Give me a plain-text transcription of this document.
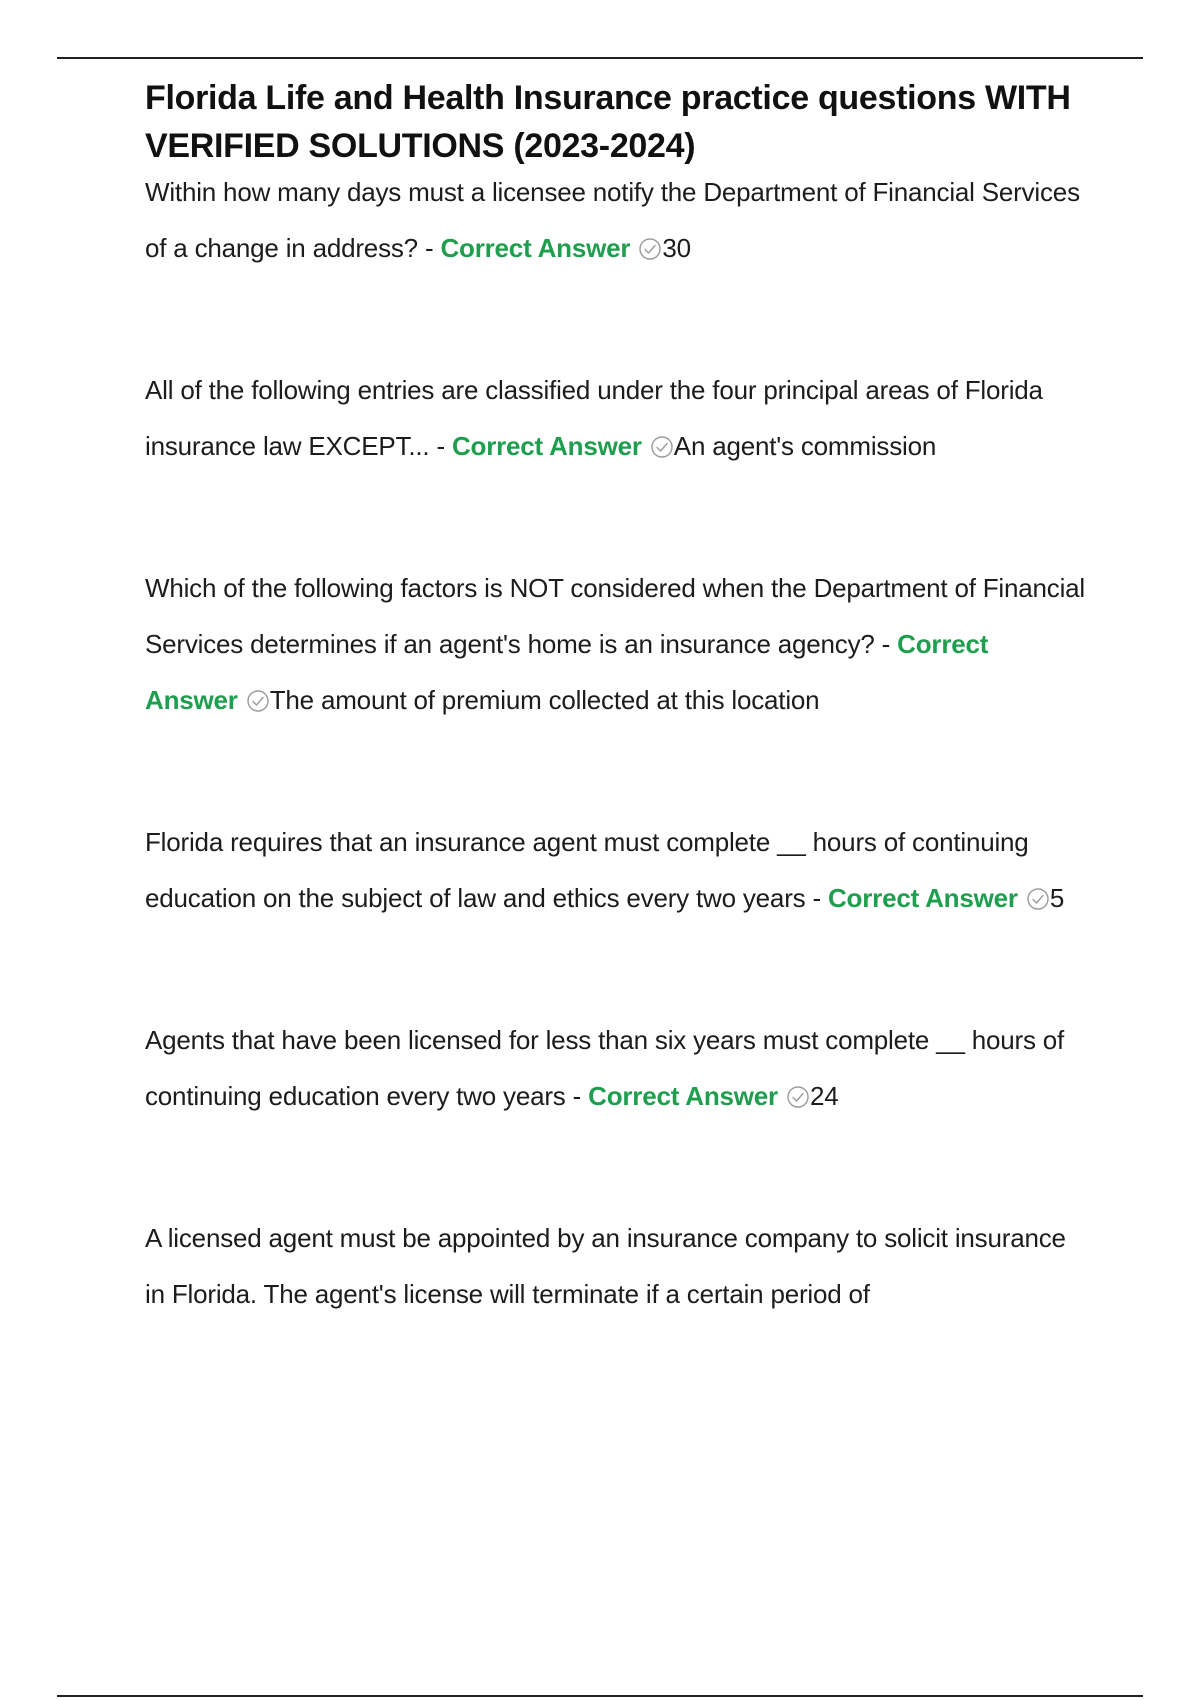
Florida Life and Health Insurance practice questions WITH VERIFIED SOLUTIONS (2023-2024)

Within how many days must a licensee notify the Department of Financial Services of a change in address? - Correct Answer 30

All of the following entries are classified under the four principal areas of Florida insurance law EXCEPT... - Correct Answer An agent's commission

Which of the following factors is NOT considered when the Department of Financial Services determines if an agent's home is an insurance agency? - Correct Answer The amount of premium collected at this location

Florida requires that an insurance agent must complete __ hours of continuing education on the subject of law and ethics every two years - Correct Answer 5

Agents that have been licensed for less than six years must complete __ hours of continuing education every two years - Correct Answer 24

A licensed agent must be appointed by an insurance company to solicit insurance in Florida. The agent's license will terminate if a certain period of
